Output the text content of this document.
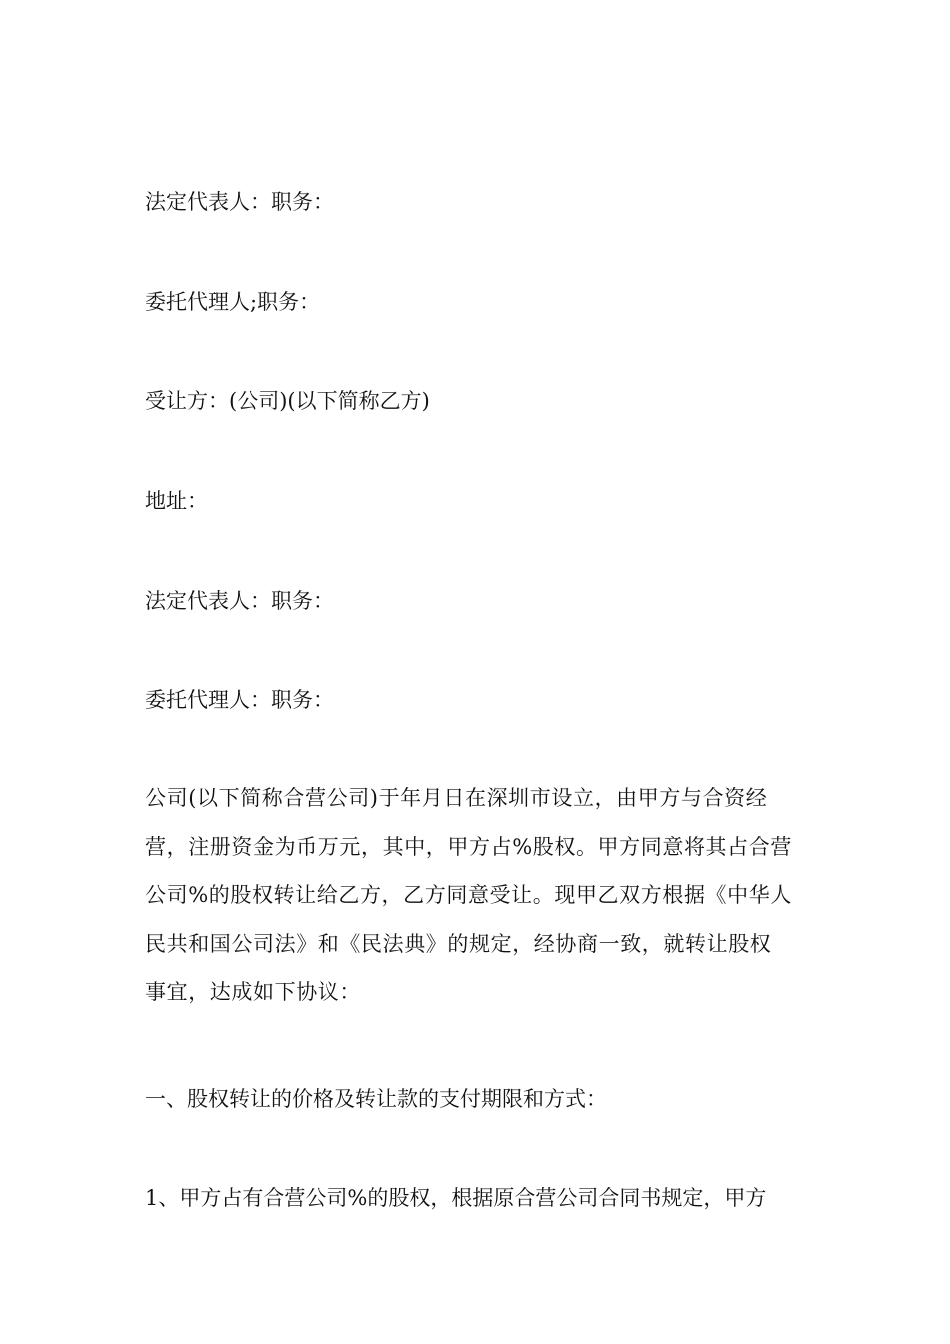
法定代表人：职务：
委托代理人;职务：
受让方：(公司)(以下简称乙方)
地址：
法定代表人：职务：
委托代理人：职务：
公司(以下简称合营公司)于年月日在深圳市设立，由甲方与合资经
营，注册资金为币万元，其中，甲方占%股权。甲方同意将其占合营
公司%的股权转让给乙方，乙方同意受让。现甲乙双方根据《中华人
民共和国公司法》和《民法典》的规定，经协商一致，就转让股权
事宜，达成如下协议：
一、股权转让的价格及转让款的支付期限和方式：
1、甲方占有合营公司%的股权，根据原合营公司合同书规定，甲方
